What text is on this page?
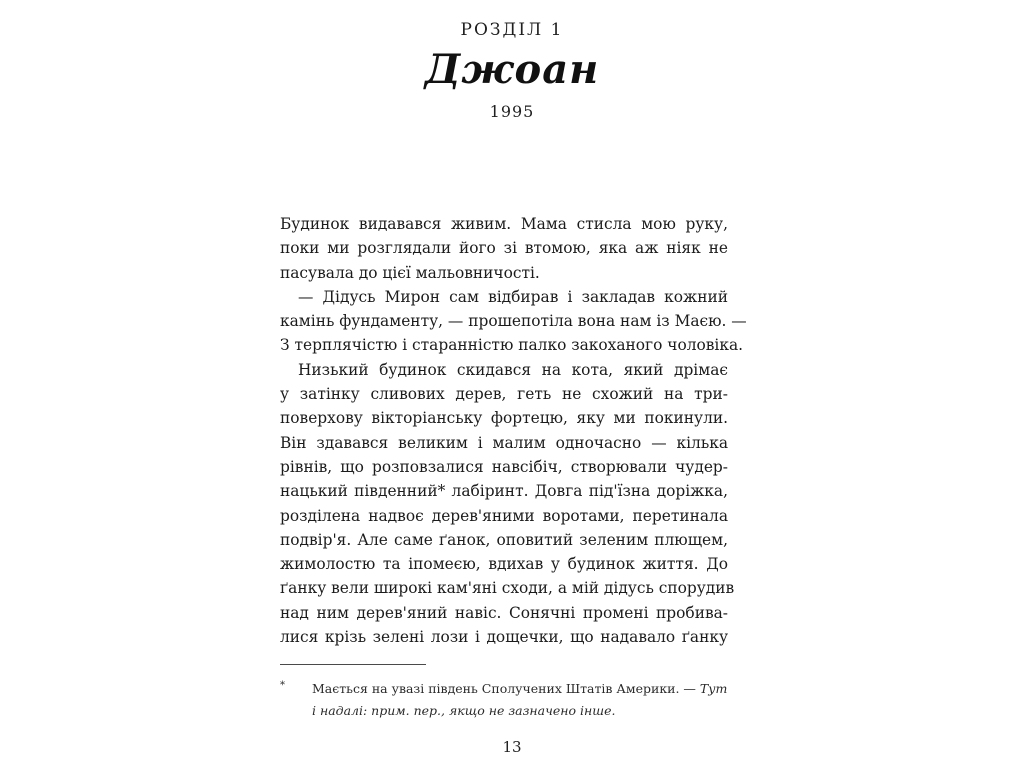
РОЗДІЛ 1
Джоан
1995
Будинок видавався живим. Мама стисла мою руку,
поки ми розглядали його зі втомою, яка аж ніяк не
пасувала до цієї мальовничості.
— Дідусь Мирон сам відбирав і закладав кожний
камінь фундаменту, — прошепотіла вона нам із Маєю. —
З терплячістю і старанністю палко закоханого чоловіка.
Низький будинок скидався на кота, який дрімає
у затінку сливових дерев, геть не схожий на три-
поверхову вікторіанську фортецю, яку ми покинули.
Він здавався великим і малим одночасно — кілька
рівнів, що розповзалися навсібіч, створювали чудер-
нацький південний* лабіринт. Довга під'їзна доріжка,
розділена надвоє дерев'яними воротами, перетинала
подвір'я. Але саме ґанок, оповитий зеленим плющем,
жимолостю та іпомеєю, вдихав у будинок життя. До
ґанку вели широкі кам'яні сходи, а мій дідусь спорудив
над ним дерев'яний навіс. Сонячні промені пробива-
лися крізь зелені лози і дощечки, що надавало ґанку
*	Мається на увазі південь Сполучених Штатів Америки. — Тут
і надалі: прим. пер., якщо не зазначено інше.
13
